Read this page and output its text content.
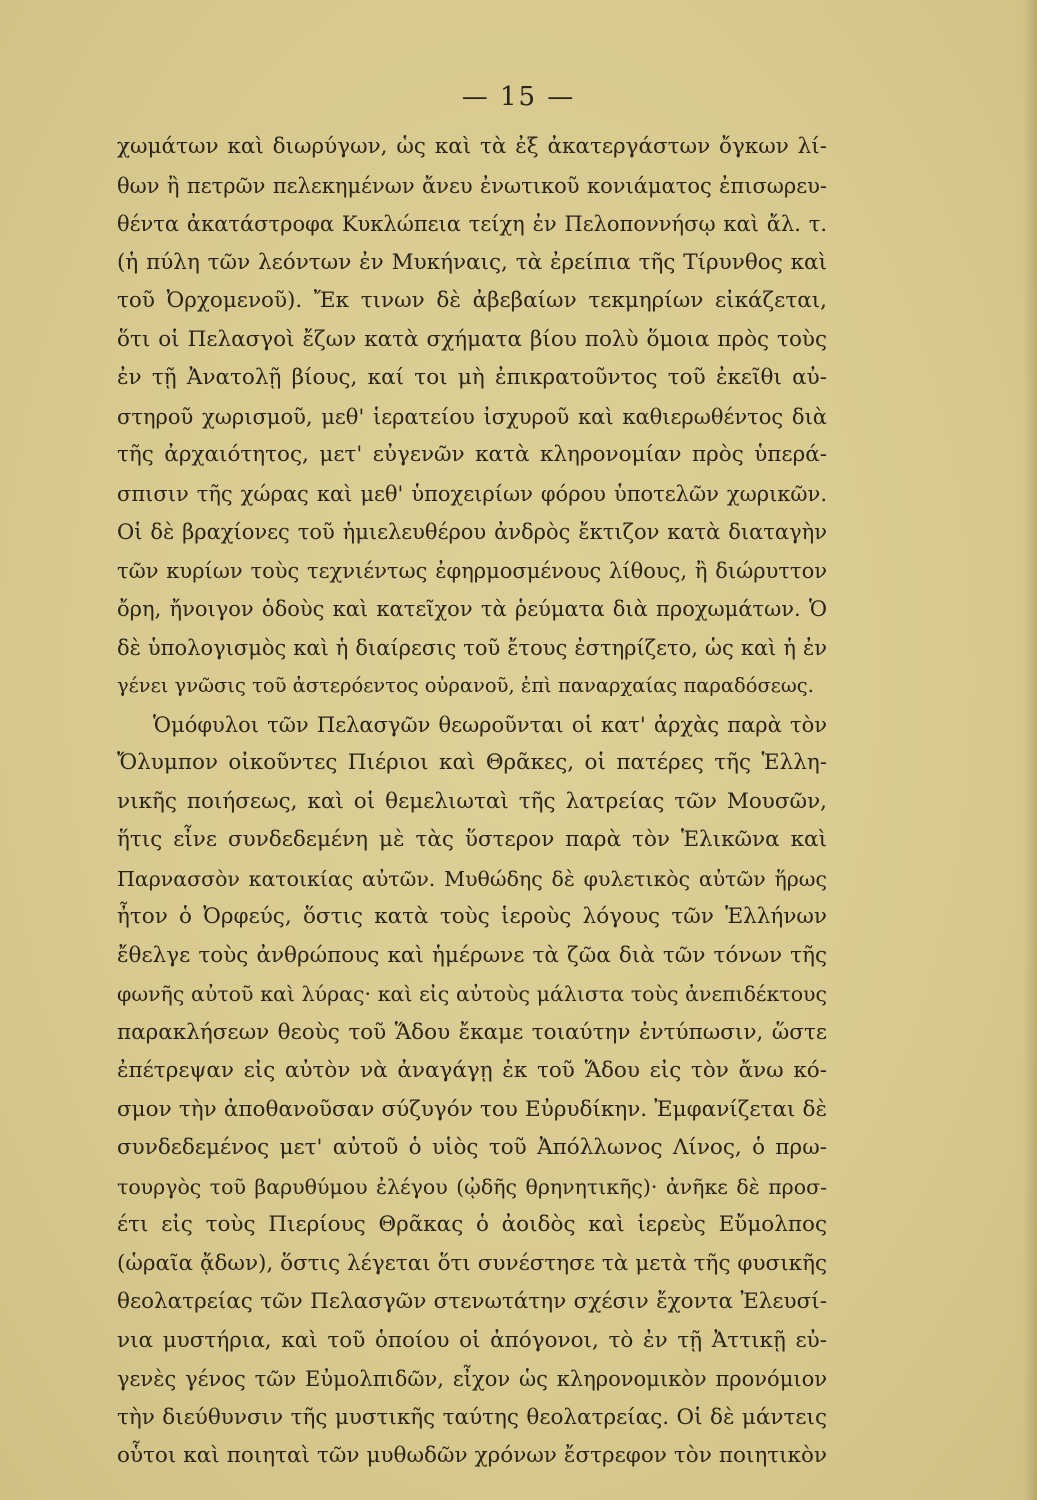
— 15 —
χωμάτων καὶ διωρύγων, ὡς καὶ τὰ ἐξ ἀκατεργάστων ὄγκων λί-
θων ἢ πετρῶν πελεκημένων ἄνευ ἐνωτικοῦ κονιάματος ἐπισωρευ-
θέντα ἀκατάστροφα Κυκλώπεια τείχη ἐν Πελοποννήσῳ καὶ ἄλ. τ.
(ἡ πύλη τῶν λεόντων ἐν Μυκήναις, τὰ ἐρείπια τῆς Τίρυνθος καὶ
τοῦ Ὀρχομενοῦ). Ἔκ τινων δὲ ἀβεβαίων τεκμηρίων εἰκάζεται,
ὅτι οἱ Πελασγοὶ ἔζων κατὰ σχήματα βίου πολὺ ὅμοια πρὸς τοὺς
ἐν τῇ Ἀνατολῇ βίους, καί τοι μὴ ἐπικρατοῦντος τοῦ ἐκεῖθι αὐ-
στηροῦ χωρισμοῦ, μεθ' ἱερατείου ἰσχυροῦ καὶ καθιερωθέντος διὰ
τῆς ἀρχαιότητος, μετ' εὐγενῶν κατὰ κληρονομίαν πρὸς ὑπερά-
σπισιν τῆς χώρας καὶ μεθ' ὑποχειρίων φόρου ὑποτελῶν χωρικῶν.
Οἱ δὲ βραχίονες τοῦ ἡμιελευθέρου ἀνδρὸς ἔκτιζον κατὰ διαταγὴν
τῶν κυρίων τοὺς τεχνιέντως ἐφηρμοσμένους λίθους, ἢ διώρυττον
ὄρη, ἤνοιγον ὁδοὺς καὶ κατεῖχον τὰ ῥεύματα διὰ προχωμάτων. Ὁ
δὲ ὑπολογισμὸς καὶ ἡ διαίρεσις τοῦ ἔτους ἐστηρίζετο, ὡς καὶ ἡ ἐν
γένει γνῶσις τοῦ ἀστερόεντος οὐρανοῦ, ἐπὶ παναρχαίας παραδόσεως.
Ὁμόφυλοι τῶν Πελασγῶν θεωροῦνται οἱ κατ' ἀρχὰς παρὰ τὸν
Ὄλυμπον οἰκοῦντες Πιέριοι καὶ Θρᾶκες, οἱ πατέρες τῆς Ἑλλη-
νικῆς ποιήσεως, καὶ οἱ θεμελιωταὶ τῆς λατρείας τῶν Μουσῶν,
ἥτις εἶνε συνδεδεμένη μὲ τὰς ὕστερον παρὰ τὸν Ἑλικῶνα καὶ
Παρνασσὸν κατοικίας αὐτῶν. Μυθώδης δὲ φυλετικὸς αὐτῶν ἥρως
ἦτον ὁ Ὀρφεύς, ὅστις κατὰ τοὺς ἱεροὺς λόγους τῶν Ἑλλήνων
ἔθελγε τοὺς ἀνθρώπους καὶ ἡμέρωνε τὰ ζῶα διὰ τῶν τόνων τῆς
φωνῆς αὐτοῦ καὶ λύρας· καὶ εἰς αὐτοὺς μάλιστα τοὺς ἀνεπιδέκτους
παρακλήσεων θεοὺς τοῦ Ἅδου ἔκαμε τοιαύτην ἐντύπωσιν, ὥστε
ἐπέτρεψαν εἰς αὐτὸν νὰ ἀναγάγῃ ἐκ τοῦ Ἅδου εἰς τὸν ἄνω κό-
σμον τὴν ἀποθανοῦσαν σύζυγόν του Εὐρυδίκην. Ἐμφανίζεται δὲ
συνδεδεμένος μετ' αὐτοῦ ὁ υἱὸς τοῦ Ἀπόλλωνος Λίνος, ὁ πρω-
τουργὸς τοῦ βαρυθύμου ἐλέγου (ᾠδῆς θρηνητικῆς)· ἀνῆκε δὲ προσ-
έτι εἰς τοὺς Πιερίους Θρᾶκας ὁ ἀοιδὸς καὶ ἱερεὺς Εὔμολπος
(ὡραῖα ᾄδων), ὅστις λέγεται ὅτι συνέστησε τὰ μετὰ τῆς φυσικῆς
θεολατρείας τῶν Πελασγῶν στενωτάτην σχέσιν ἔχοντα Ἐλευσί-
νια μυστήρια, καὶ τοῦ ὁποίου οἱ ἀπόγονοι, τὸ ἐν τῇ Ἀττικῇ εὐ-
γενὲς γένος τῶν Εὐμολπιδῶν, εἶχον ὡς κληρονομικὸν προνόμιον
τὴν διεύθυνσιν τῆς μυστικῆς ταύτης θεολατρείας. Οἱ δὲ μάντεις
οὗτοι καὶ ποιηταὶ τῶν μυθωδῶν χρόνων ἔστρεφον τὸν ποιητικὸν
